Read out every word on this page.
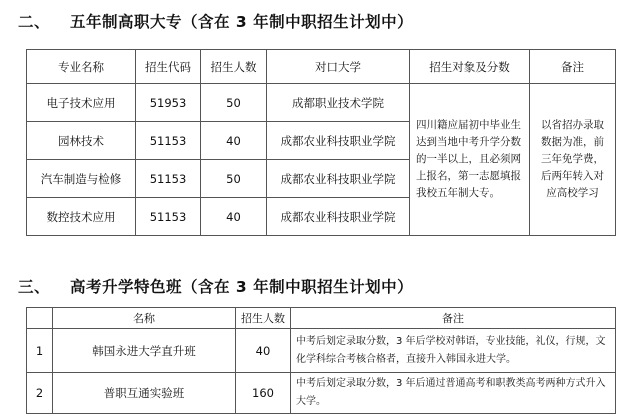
二、 五年制高职大专（含在 3 年制中职招生计划中）
专业名称	招生代码	招生人数	对口大学	招生对象及分数	备注
电子技术应用	51953	50	成都职业技术学院	四川籍应届初中毕业生达到当地中考升学分数的一半以上，且必须网上报名，第一志愿填报我校五年制大专。	以省招办录取数据为准，前三年免学费，后两年转入对应高校学习
园林技术	51153	40	成都农业科技职业学院		
汽车制造与检修	51153	50	成都农业科技职业学院		
数控技术应用	51153	40	成都农业科技职业学院		
三、 高考升学特色班（含在 3 年制中职招生计划中）
	名称	招生人数	备注
1	韩国永进大学直升班	40	中考后划定录取分数，3 年后学校对韩语，专业技能，礼仪，行规，文化学科综合考核合格者，直接升入韩国永进大学。
2	普职互通实验班	160	中考后划定录取分数，3 年后通过普通高考和职教类高考两种方式升入大学。
